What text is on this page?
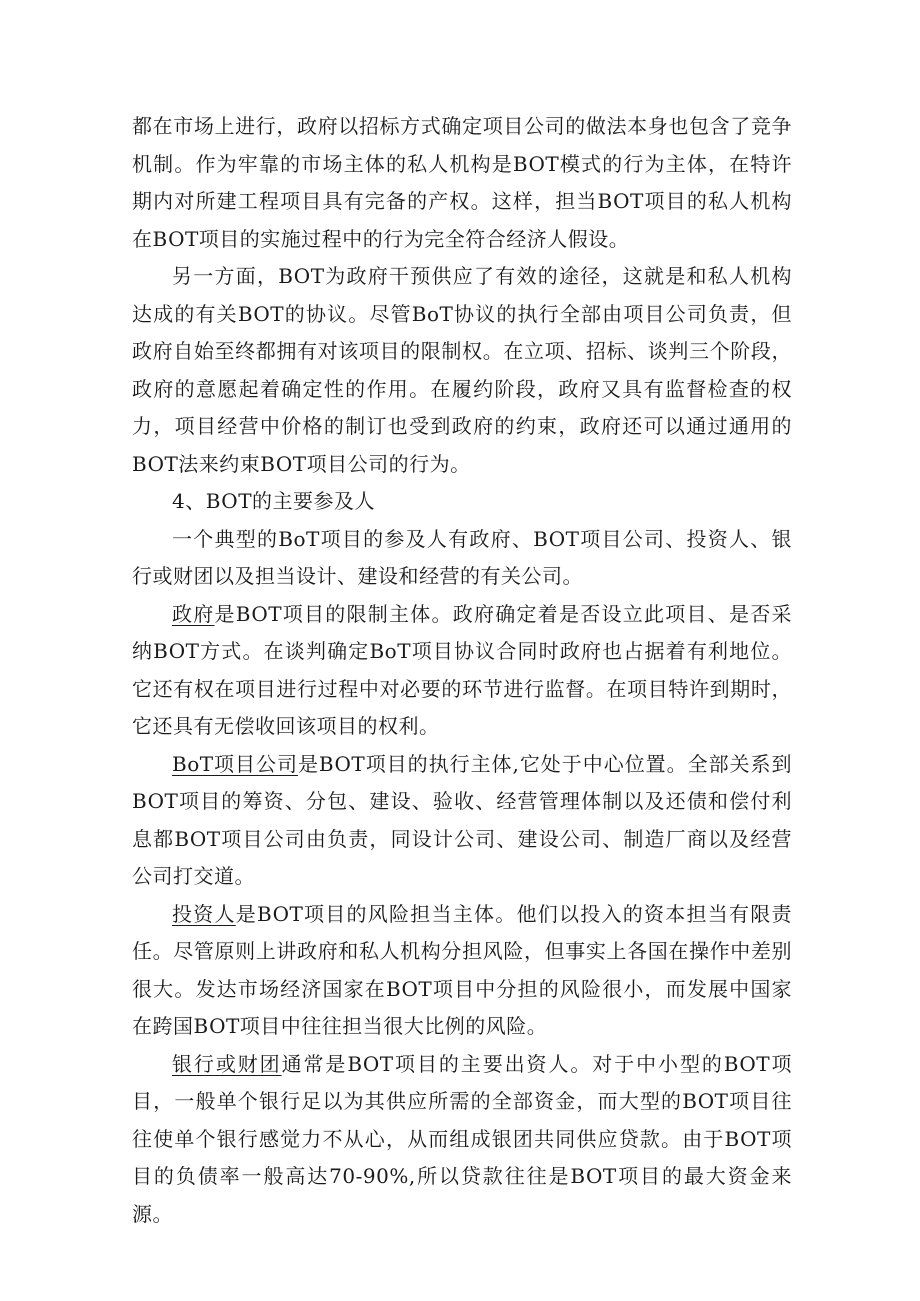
都在市场上进行，政府以招标方式确定项目公司的做法本身也包含了竞争机制。作为牢靠的市场主体的私人机构是BOT模式的行为主体，在特许期内对所建工程项目具有完备的产权。这样，担当BOT项目的私人机构在BOT项目的实施过程中的行为完全符合经济人假设。

另一方面，BOT为政府干预供应了有效的途径，这就是和私人机构达成的有关BOT的协议。尽管BoT协议的执行全部由项目公司负责，但政府自始至终都拥有对该项目的限制权。在立项、招标、谈判三个阶段，政府的意愿起着确定性的作用。在履约阶段，政府又具有监督检查的权力，项目经营中价格的制订也受到政府的约束，政府还可以通过通用的BOT法来约束BOT项目公司的行为。

4、BOT的主要参及人

一个典型的BoT项目的参及人有政府、BOT项目公司、投资人、银行或财团以及担当设计、建设和经营的有关公司。

政府是BOT项目的限制主体。政府确定着是否设立此项目、是否采纳BOT方式。在谈判确定BoT项目协议合同时政府也占据着有利地位。它还有权在项目进行过程中对必要的环节进行监督。在项目特许到期时，它还具有无偿收回该项目的权利。

BoT项目公司是BOT项目的执行主体,它处于中心位置。全部关系到BOT项目的筹资、分包、建设、验收、经营管理体制以及还债和偿付利息都BOT项目公司由负责，同设计公司、建设公司、制造厂商以及经营公司打交道。

投资人是BOT项目的风险担当主体。他们以投入的资本担当有限责任。尽管原则上讲政府和私人机构分担风险，但事实上各国在操作中差别很大。发达市场经济国家在BOT项目中分担的风险很小，而发展中国家在跨国BOT项目中往往担当很大比例的风险。

银行或财团通常是BOT项目的主要出资人。对于中小型的BOT项目，一般单个银行足以为其供应所需的全部资金，而大型的BOT项目往往使单个银行感觉力不从心，从而组成银团共同供应贷款。由于BOT项目的负债率一般高达70-90%,所以贷款往往是BOT项目的最大资金来源。
